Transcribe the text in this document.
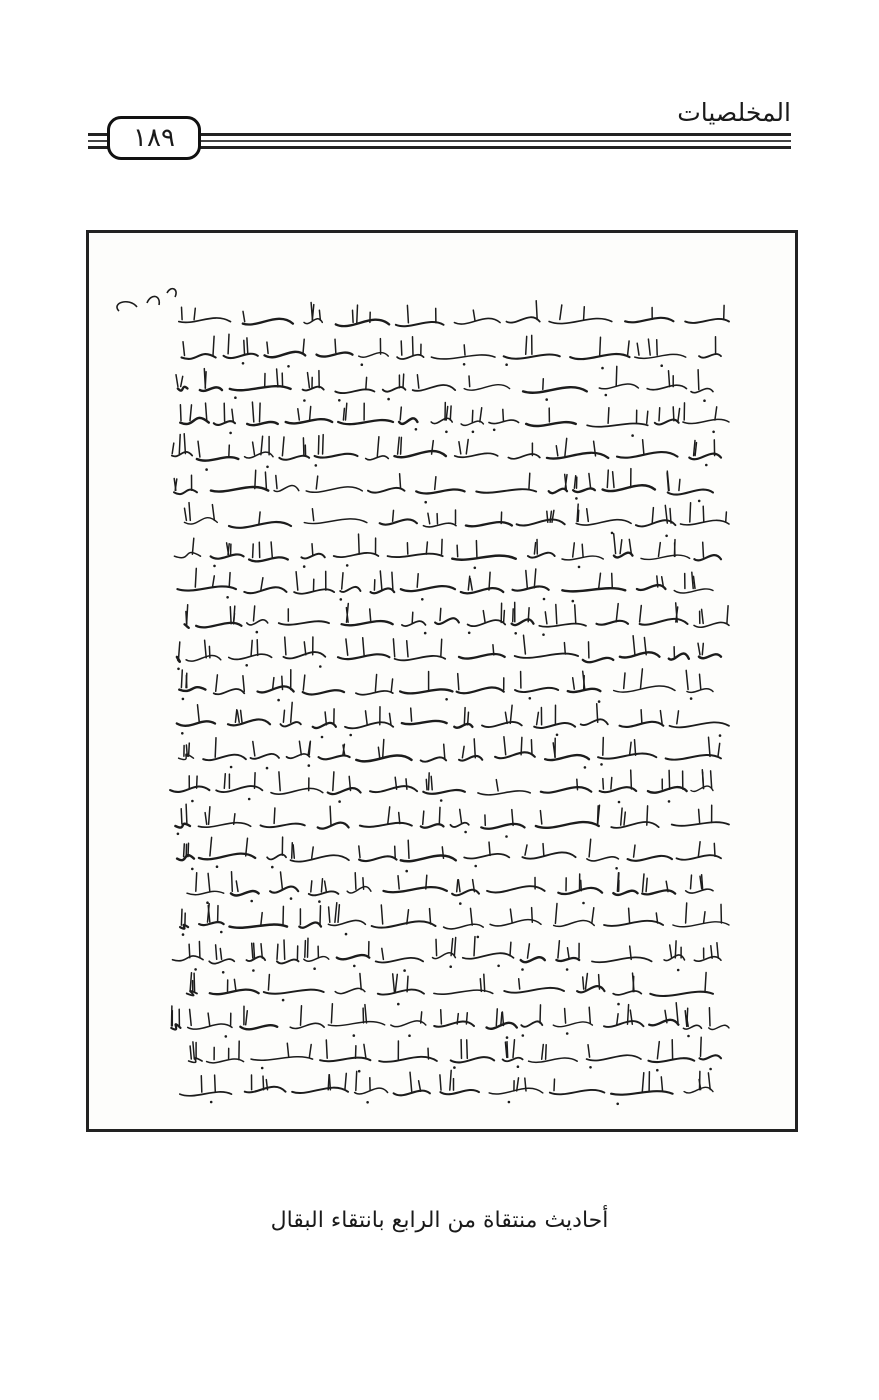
المخلصيات
١٨٩
أحاديث منتقاة من الرابع بانتقاء البقال
